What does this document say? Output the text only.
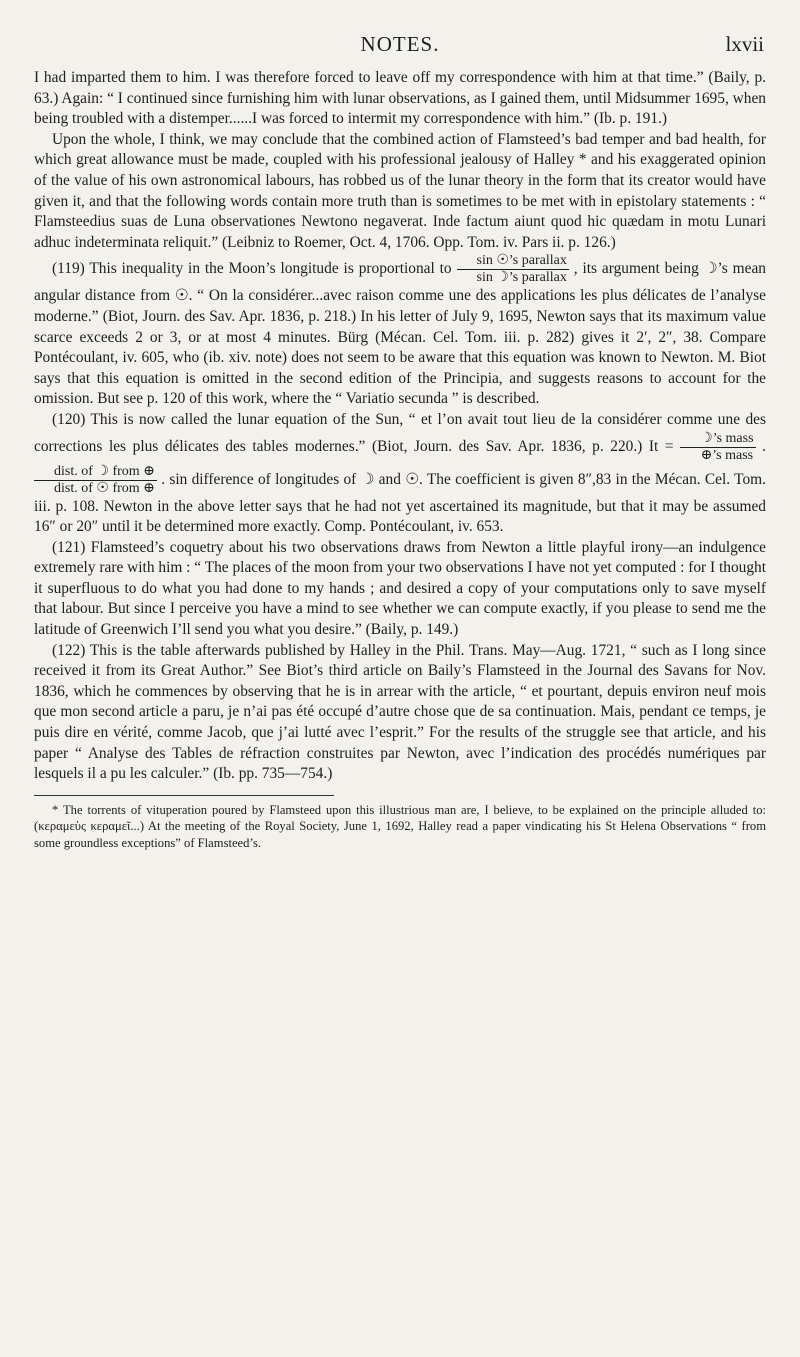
NOTES.	lxvii

I had imparted them to him. I was therefore forced to leave off my correspondence with him at that time.” (Baily, p. 63.) Again: “ I continued since furnishing him with lunar observations, as I gained them, until Midsummer 1695, when being troubled with a distemper......I was forced to intermit my correspondence with him.” (Ib. p. 191.)

Upon the whole, I think, we may conclude that the combined action of Flamsteed’s bad temper and bad health, for which great allowance must be made, coupled with his professional jealousy of Halley * and his exaggerated opinion of the value of his own astronomical labours, has robbed us of the lunar theory in the form that its creator would have given it, and that the following words contain more truth than is sometimes to be met with in epistolary statements : “ Flamsteedius suas de Luna observationes Newtono negaverat. Inde factum aiunt quod hic quædam in motu Lunari adhuc indeterminata reliquit.” (Leibniz to Roemer, Oct. 4, 1706. Opp. Tom. iv. Pars ii. p. 126.)

(119) This inequality in the Moon’s longitude is proportional to $\frac{\text{sin ☉’s parallax}}{\text{sin ☽’s parallax}}$ , its argument being ☽’s mean angular distance from ☉. “ On la considérer...avec raison comme une des applications les plus délicates de l’analyse moderne.” (Biot, Journ. des Sav. Apr. 1836, p. 218.) In his letter of July 9, 1695, Newton says that its maximum value scarce exceeds 2 or 3, or at most 4 minutes. Bürg (Mécan. Cel. Tom. iii. p. 282) gives it 2′, 2″, 38. Compare Pontécoulant, iv. 605, who (ib. xiv. note) does not seem to be aware that this equation was known to Newton. M. Biot says that this equation is omitted in the second edition of the Principia, and suggests reasons to account for the omission. But see p. 120 of this work, where the “ Variatio secunda ” is described.

(120) This is now called the lunar equation of the Sun, “ et l’on avait tout lieu de la considérer comme une des corrections les plus délicates des tables modernes.” (Biot, Journ. des Sav. Apr. 1836, p. 220.) $It = \frac{\text{☽’s mass}}{\text{⊕’s mass}}$ .
$\frac{\text{dist. of ☽ from ⊕}}{\text{dist. of ☉ from ⊕}}$ . sin difference of longitudes of ☽ and ☉. The coefficient is given 8″,83 in the Mécan. Cel. Tom. iii. p. 108. Newton in the above letter says that he had not yet ascertained its magnitude, but that it may be assumed 16″ or 20″ until it be determined more exactly. Comp. Pontécoulant, iv. 653.

(121) Flamsteed’s coquetry about his two observations draws from Newton a little playful irony—an indulgence extremely rare with him : “ The places of the moon from your two observations I have not yet computed : for I thought it superfluous to do what you had done to my hands ; and desired a copy of your computations only to save myself that labour. But since I perceive you have a mind to see whether we can compute exactly, if you please to send me the latitude of Greenwich I’ll send you what you desire.” (Baily, p. 149.)

(122) This is the table afterwards published by Halley in the Phil. Trans. May—Aug. 1721, “ such as I long since received it from its Great Author.” See Biot’s third article on Baily’s Flamsteed in the Journal des Savans for Nov. 1836, which he commences by observing that he is in arrear with the article, “ et pourtant, depuis environ neuf mois que mon second article a paru, je n’ai pas été occupé d’autre chose que de sa continuation. Mais, pendant ce temps, je puis dire en vérité, comme Jacob, que j’ai lutté avec l’esprit.” For the results of the struggle see that article, and his paper “ Analyse des Tables de réfraction construites par Newton, avec l’indication des procédés numériques par lesquels il a pu les calculer.” (Ib. pp. 735—754.)

* The torrents of vituperation poured by Flamsteed upon this illustrious man are, I believe, to be explained on the principle alluded to: (κεραμεὺς κεραμεῖ...) At the meeting of the Royal Society, June 1, 1692, Halley read a paper vindicating his St Helena Observations “ from some groundless exceptions” of Flamsteed’s.
